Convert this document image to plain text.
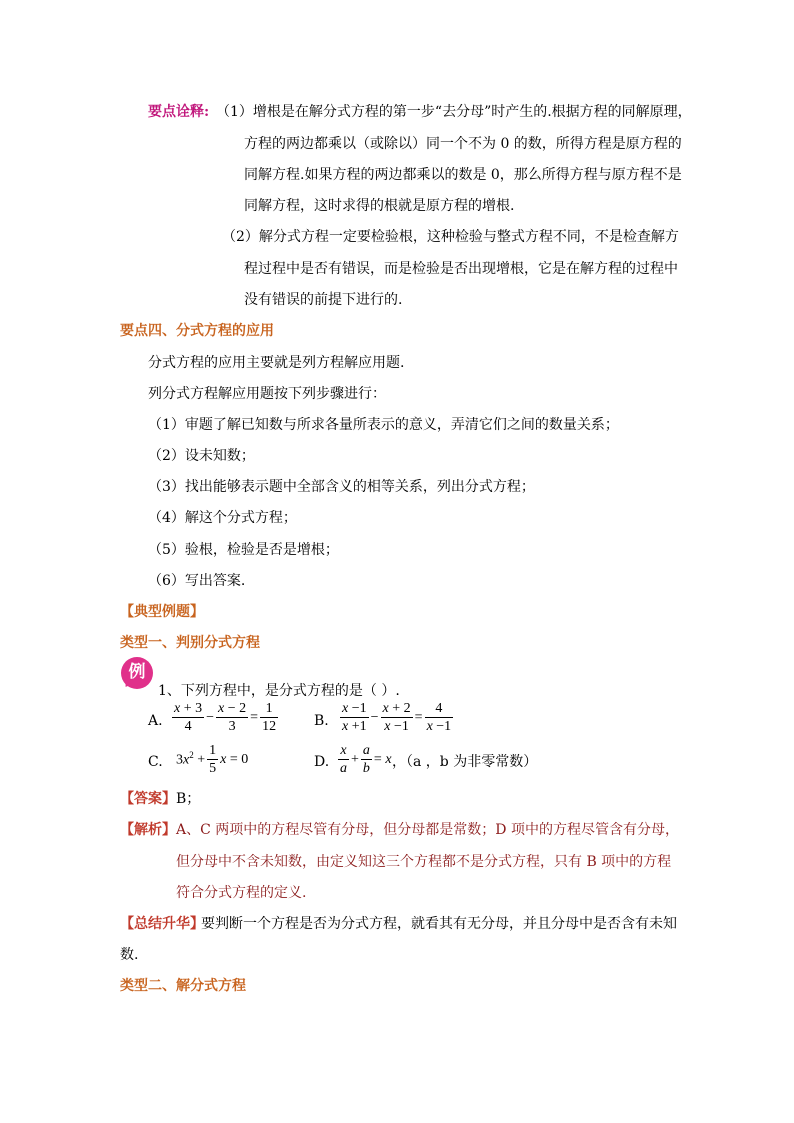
要点诠释: （1）增根是在解分式方程的第一步“去分母”时产生的.根据方程的同解原理，
方程的两边都乘以（或除以）同一个不为 0 的数，所得方程是原方程的
同解方程.如果方程的两边都乘以的数是 0，那么所得方程与原方程不是
同解方程，这时求得的根就是原方程的增根.
（2）解分式方程一定要检验根，这种检验与整式方程不同，不是检查解方
程过程中是否有错误，而是检验是否出现增根，它是在解方程的过程中
没有错误的前提下进行的.
要点四、分式方程的应用
分式方程的应用主要就是列方程解应用题.
列分式方程解应用题按下列步骤进行：
（1）审题了解已知数与所求各量所表示的意义，弄清它们之间的数量关系；
（2）设未知数；
（3）找出能够表示题中全部含义的相等关系，列出分式方程；
（4）解这个分式方程；
（5）验根，检验是否是增根；
（6）写出答案.
【典型例题】
类型一、判别分式方程
例
1、下列方程中，是分式方程的是（ ）.
A. $\frac{x + 3}{4} - \frac{x - 2}{3} = \frac{1}{12}$	B. $\frac{x -1}{x +1} - \frac{x + 2}{x -1} = \frac{4}{x -1}$
C. $3x^2 + \frac{1}{5}$ x = 0	D. $\frac{x}{a} + \frac{a}{b} = x$ ，（a ，b 为非零常数）
【答案】 B；
【解析】 A、C 两项中的方程尽管有分母，但分母都是常数；D 项中的方程尽管含有分母，
但分母中不含未知数，由定义知这三个方程都不是分式方程，只有 B 项中的方程
符合分式方程的定义.
【总结升华】
要判断一个方程是否为分式方程，就看其有无分母，并且分母中是否含有未知
数.
类型二、解分式方程
